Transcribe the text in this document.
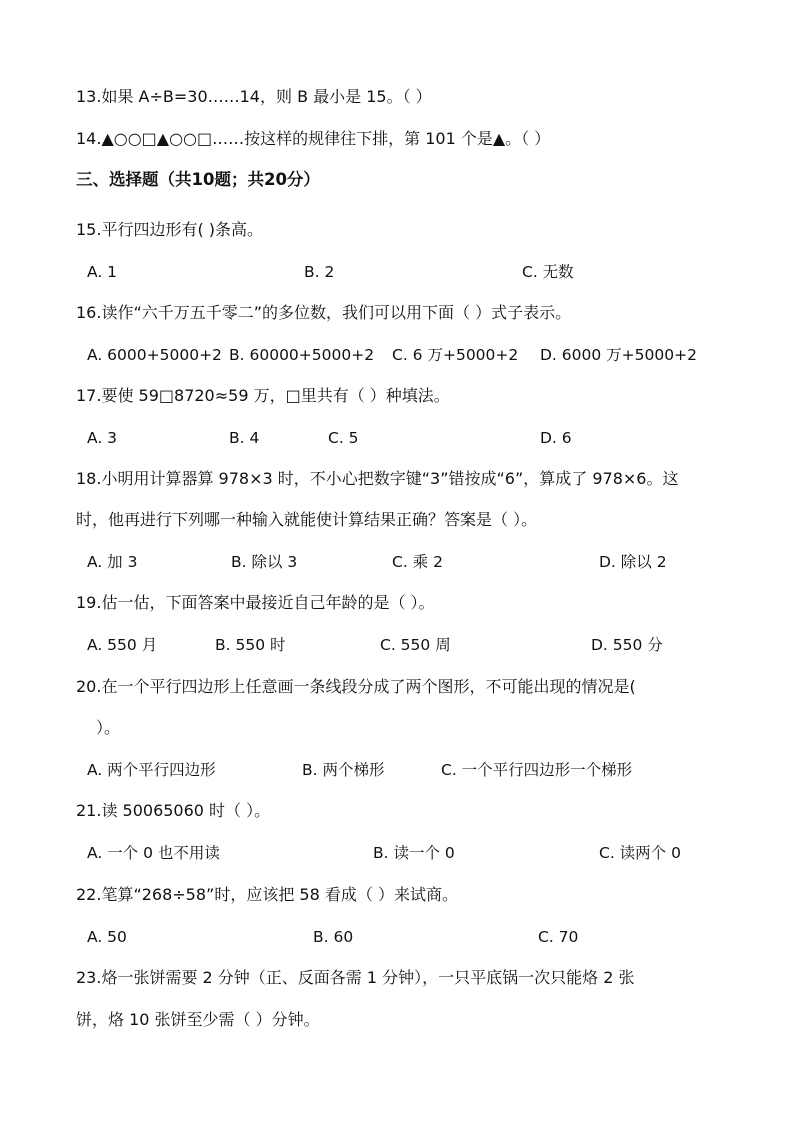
13.如果 A÷B=30……14，则 B 最小是 15。（ ）
14.▲○○□▲○○□……按这样的规律往下排，第 101 个是▲。（ ）
三、选择题（共10题；共20分）
15.平行四边形有( )条高。
A. 1	B. 2	C. 无数
16.读作“六千万五千零二”的多位数，我们可以用下面（ ）式子表示。
A. 6000+5000+2 B. 60000+5000+2 C. 6 万+5000+2 D. 6000 万+5000+2
17.要使 59□8720≈59 万，□里共有（ ）种填法。
A. 3	B. 4	C. 5	D. 6
18.小明用计算器算 978×3 时，不小心把数字键“3”错按成“6”，算成了 978×6。这
时，他再进行下列哪一种输入就能使计算结果正确？答案是（ ）。
A. 加 3	B. 除以 3	C. 乘 2	D. 除以 2
19.估一估，下面答案中最接近自己年龄的是（ ）。
A. 550 月	B. 550 时	C. 550 周	D. 550 分
20.在一个平行四边形上任意画一条线段分成了两个图形，不可能出现的情况是(
）。
A. 两个平行四边形	B. 两个梯形	C. 一个平行四边形一个梯形
21.读 50065060 时（ ）。
A. 一个 0 也不用读	B. 读一个 0	C. 读两个 0
22.笔算“268÷58”时，应该把 58 看成（ ）来试商。
A. 50	B. 60	C. 70
23.烙一张饼需要 2 分钟（正、反面各需 1 分钟），一只平底锅一次只能烙 2 张
饼，烙 10 张饼至少需（ ）分钟。
